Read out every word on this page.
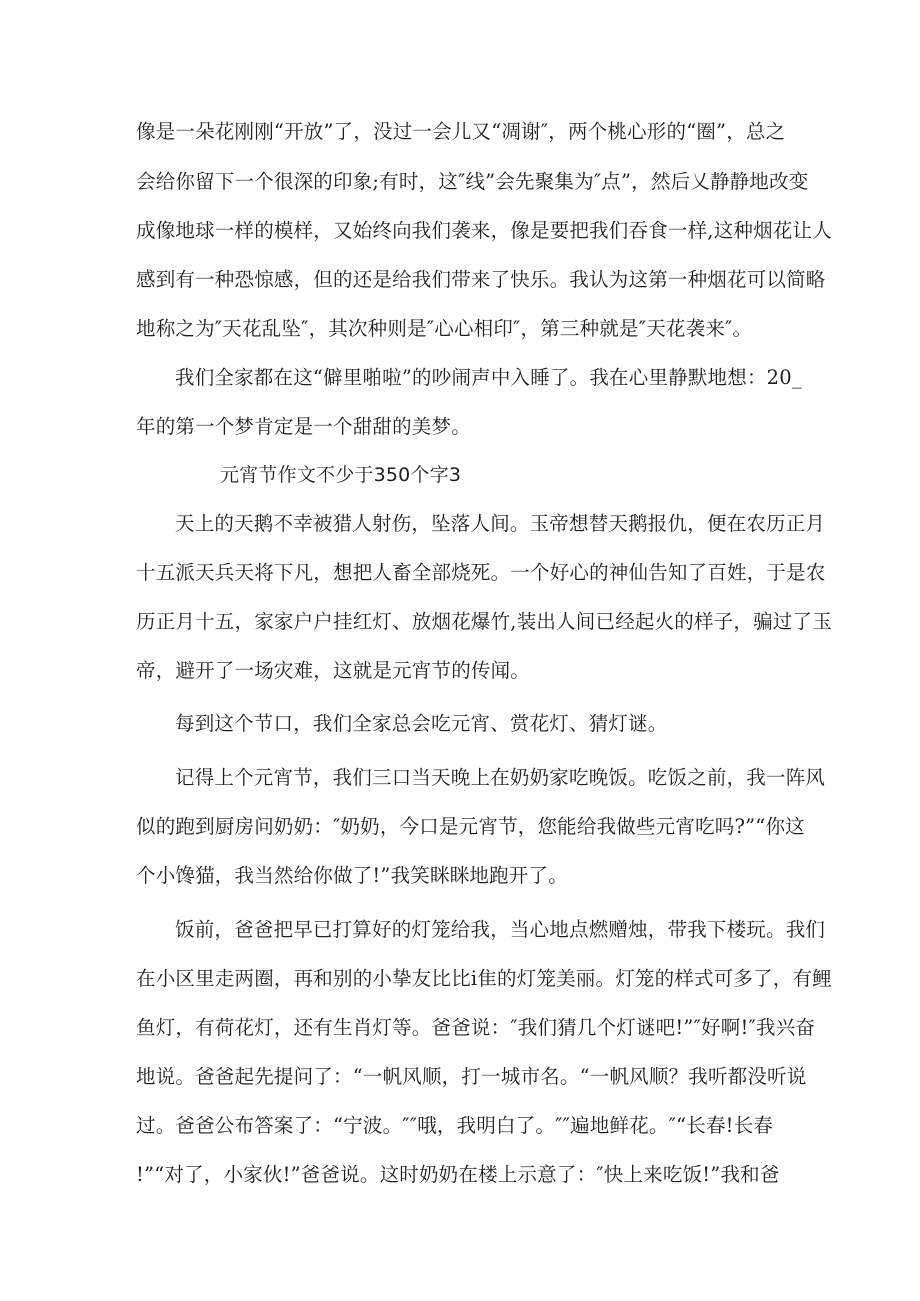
像是一朵花刚刚“开放”了，没过一会儿又“凋谢″，两个桃心形的“圈”，总之
会给你留下一个很深的印象;有时，这″线”会先聚集为″点”，然后乂静静地改变
成像地球一样的模样，又始终向我们袭来，像是要把我们吞食一样,这种烟花让人
感到有一种恐惊感，但的还是给我们带来了快乐。我认为这第一种烟花可以简略
地称之为″天花乱坠″，其次种则是″心心相印″，第三种就是″天花袭来″。
我们全家都在这“僻里啪啦”的吵闹声中入睡了。我在心里静默地想：20_
年的第一个梦肯定是一个甜甜的美梦。
元宵节作文不少于350个字3
天上的天鹅不幸被猎人射伤，坠落人间。玉帝想替天鹅报仇，便在农历正月
十五派天兵天将下凡，想把人畜全部烧死。一个好心的神仙告知了百姓，于是农
历正月十五，家家户户挂红灯、放烟花爆竹,装出人间已经起火的样子，骗过了玉
帝，避开了一场灾难，这就是元宵节的传闻。
每到这个节口，我们全家总会吃元宵、赏花灯、猜灯谜。
记得上个元宵节，我们三口当天晚上在奶奶家吃晚饭。吃饭之前，我一阵风
似的跑到厨房问奶奶：″奶奶，今口是元宵节，您能给我做些元宵吃吗?”“你这
个小馋猫，我当然给你做了!”我笑眯眯地跑开了。
饭前，爸爸把早已打算好的灯笼给我，当心地点燃赠烛，带我下楼玩。我们
在小区里走两圈，再和别的小挚友比比i隹的灯笼美丽。灯笼的样式可多了，有鲤
鱼灯，有荷花灯，还有生肖灯等。爸爸说：″我们猜几个灯谜吧!”″好啊!″我兴奋
地说。爸爸起先提问了：“一帆风顺，打一城市名。“一帆风顺？我听都没听说
过。爸爸公布答案了：“宁波。″″哦，我明白了。″″遍地鲜花。″“长春!长春
!”“对了，小家伙!”爸爸说。这时奶奶在楼上示意了：″快上来吃饭!”我和爸
